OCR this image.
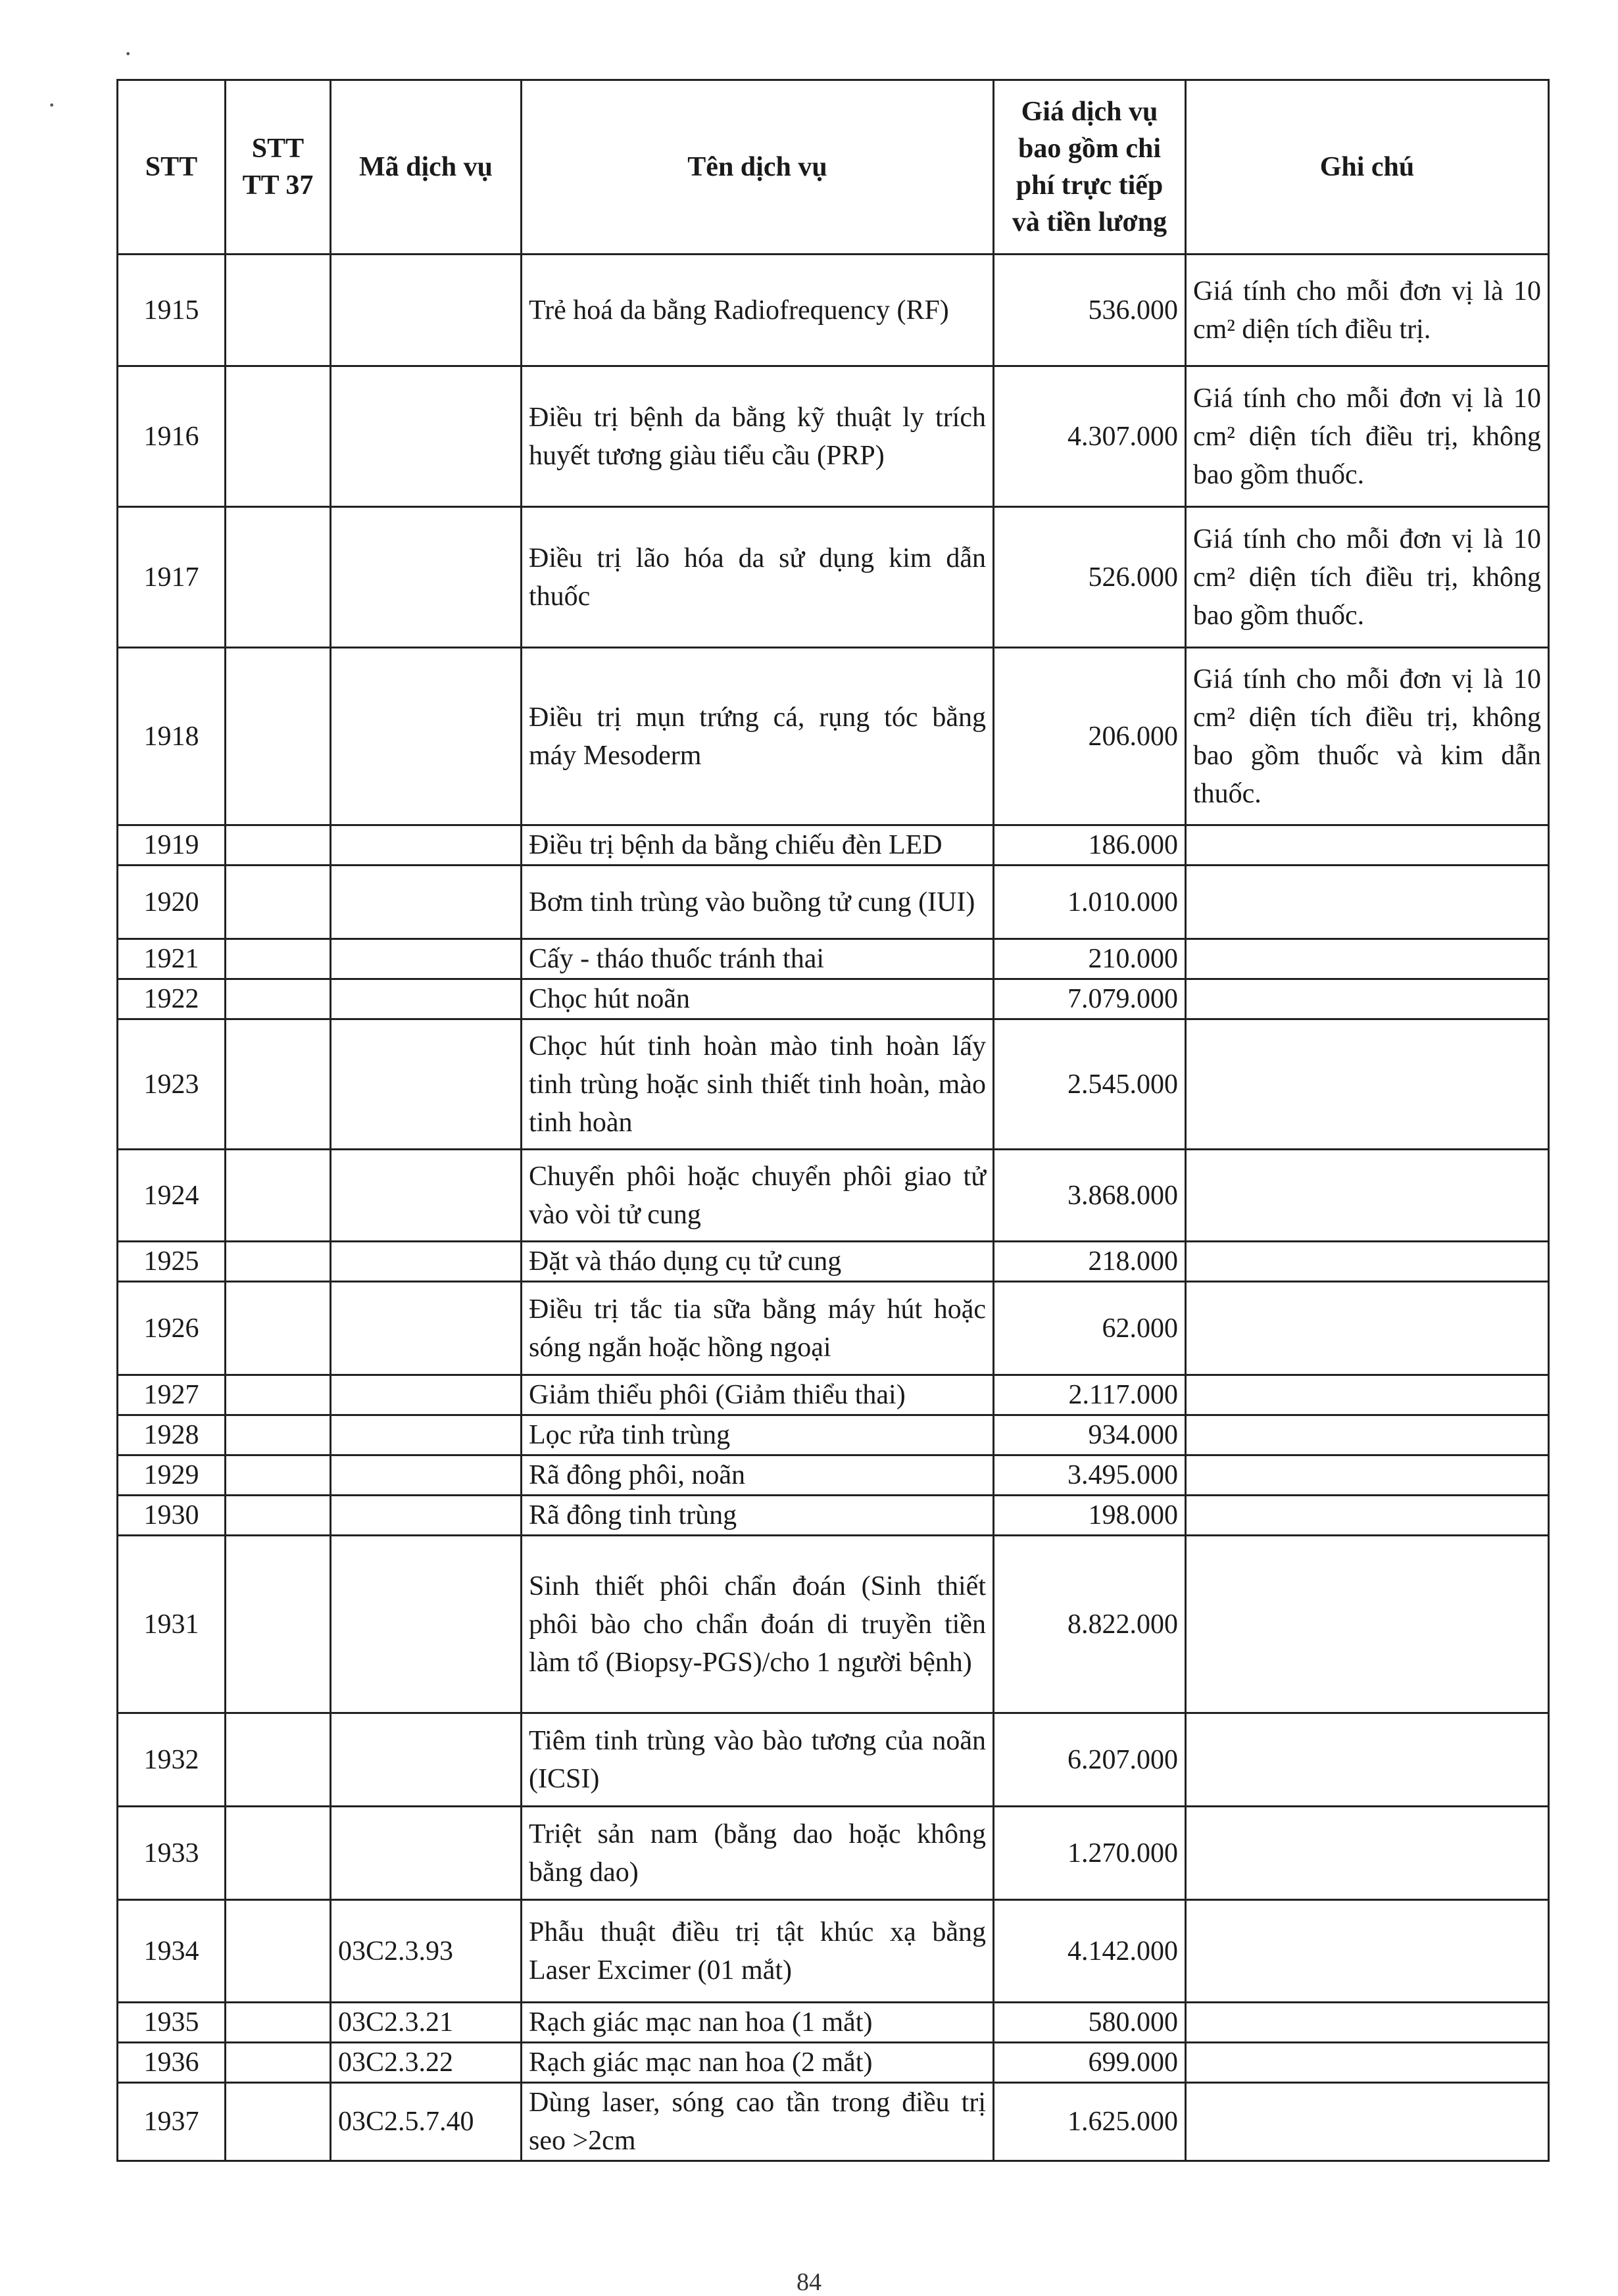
·
·
STT	STT TT 37	Mã dịch vụ	Tên dịch vụ	Giá dịch vụ bao gồm chi phí trực tiếp và tiền lương	Ghi chú
1915			Trẻ hoá da bằng Radiofrequency (RF)	536.000	Giá tính cho mỗi đơn vị là 10 cm² diện tích điều trị.
1916			Điều trị bệnh da bằng kỹ thuật ly trích huyết tương giàu tiểu cầu (PRP)	4.307.000	Giá tính cho mỗi đơn vị là 10 cm² diện tích điều trị, không bao gồm thuốc.
1917			Điều trị lão hóa da sử dụng kim dẫn thuốc	526.000	Giá tính cho mỗi đơn vị là 10 cm² diện tích điều trị, không bao gồm thuốc.
1918			Điều trị mụn trứng cá, rụng tóc bằng máy Mesoderm	206.000	Giá tính cho mỗi đơn vị là 10 cm² diện tích điều trị, không bao gồm thuốc và kim dẫn thuốc.
1919			Điều trị bệnh da bằng chiếu đèn LED	186.000	
1920			Bơm tinh trùng vào buồng tử cung (IUI)	1.010.000	
1921			Cấy - tháo thuốc tránh thai	210.000	
1922			Chọc hút noãn	7.079.000	
1923			Chọc hút tinh hoàn mào tinh hoàn lấy tinh trùng hoặc sinh thiết tinh hoàn, mào tinh hoàn	2.545.000	
1924			Chuyển phôi hoặc chuyển phôi giao tử vào vòi tử cung	3.868.000	
1925			Đặt và tháo dụng cụ tử cung	218.000	
1926			Điều trị tắc tia sữa bằng máy hút hoặc sóng ngắn hoặc hồng ngoại	62.000	
1927			Giảm thiểu phôi (Giảm thiểu thai)	2.117.000	
1928			Lọc rửa tinh trùng	934.000	
1929			Rã đông phôi, noãn	3.495.000	
1930			Rã đông tinh trùng	198.000	
1931			Sinh thiết phôi chẩn đoán (Sinh thiết phôi bào cho chẩn đoán di truyền tiền làm tổ (Biopsy-PGS)/cho 1 người bệnh)	8.822.000	
1932			Tiêm tinh trùng vào bào tương của noãn (ICSI)	6.207.000	
1933			Triệt sản nam (bằng dao hoặc không bằng dao)	1.270.000	
1934		03C2.3.93	Phẫu thuật điều trị tật khúc xạ bằng Laser Excimer (01 mắt)	4.142.000	
1935		03C2.3.21	Rạch giác mạc nan hoa (1 mắt)	580.000	
1936		03C2.3.22	Rạch giác mạc nan hoa (2 mắt)	699.000	
1937		03C2.5.7.40	Dùng laser, sóng cao tần trong điều trị seo >2cm	1.625.000	
84
